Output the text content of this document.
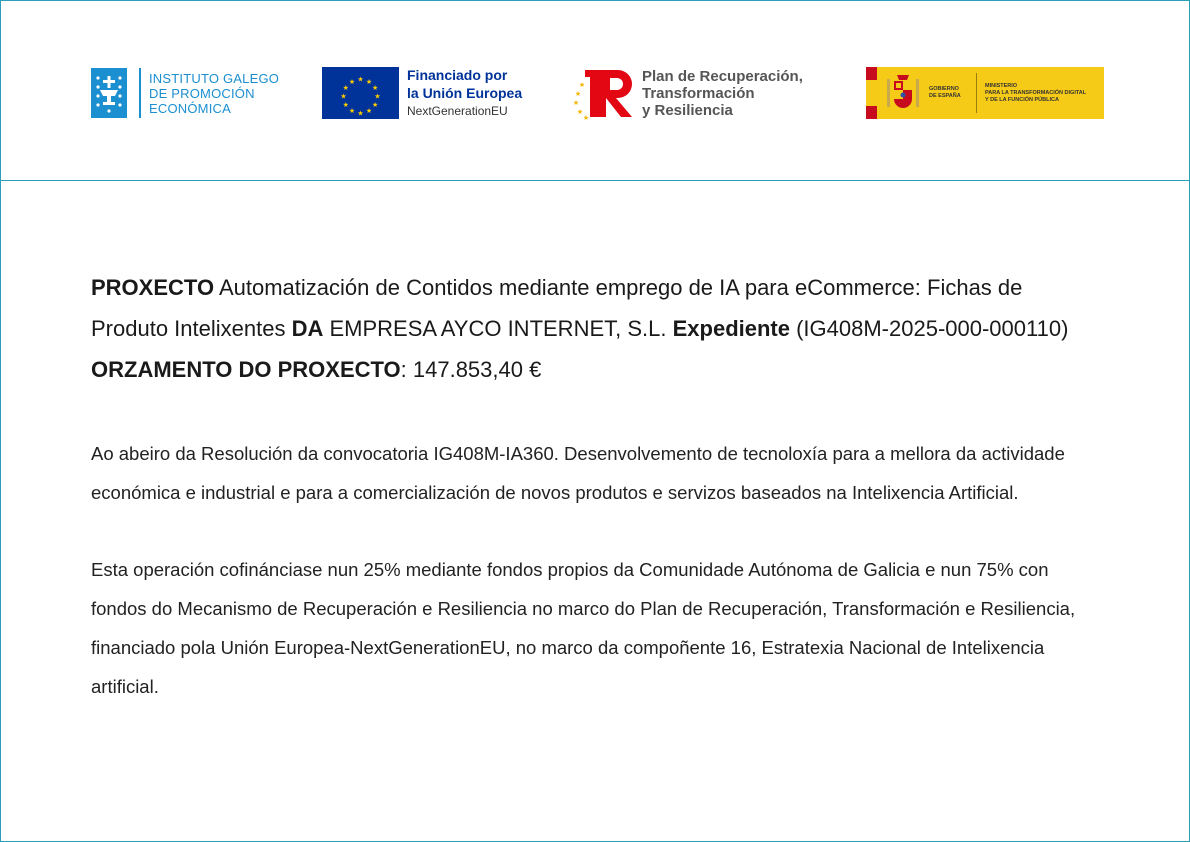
INSTITUTO GALEGO
DE PROMOCIÓN
ECONÓMICA
★ ★
★
★
★
★
★
★
★
★
★
★	Financiado por
la Unión Europea
NextGenerationEU
★
★
★
★
★
Plan de Recuperación,
Transformación
y Resiliencia
GOBIERNO
DE ESPAÑA
MINISTERIO
PARA LA TRANSFORMACIÓN DIGITAL
Y DE LA FUNCIÓN PÚBLICA

PROXECTO Automatización de Contidos mediante emprego de IA para eCommerce: Fichas de Produto Intelixentes DA EMPRESA AYCO INTERNET, S.L. Expediente (IG408M-2025-000-000110) ORZAMENTO DO PROXECTO: 147.853,40 €

Ao abeiro da Resolución da convocatoria IG408M-IA360. Desenvolvemento de tecnoloxía para a mellora da actividade económica e industrial e para a comercialización de novos produtos e servizos baseados na Intelixencia Artificial.

Esta operación cofinánciase nun 25% mediante fondos propios da Comunidade Autónoma de Galicia e nun 75% con fondos do Mecanismo de Recuperación e Resiliencia no marco do Plan de Recuperación, Transformación e Resiliencia, financiado pola Unión Europea-NextGenerationEU, no marco da compoñente 16, Estratexia Nacional de Intelixencia artificial.
